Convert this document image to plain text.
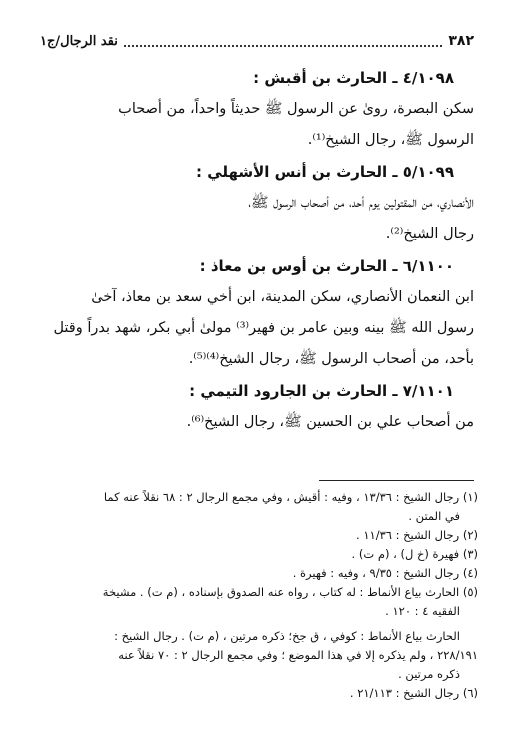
٣٨٢
نقد الرجال/ج١
٤/١٠٩٨ ـ الحارث بن أقبش :

سكن البصرة، روىٰ عن الرسول ﷺ حديثاً واحداً، من أصحاب

الرسول ﷺ، رجال الشيخ⁽¹⁾.

٥/١٠٩٩ ـ الحارث بن أنس الأشهلي :

الأنصاري، من المقتولين يوم أحد، من أصحاب الرسول ﷺ،

رجال الشيخ⁽²⁾.

٦/١١٠٠ ـ الحارث بن أوس بن معاذ :

ابن النعمان الأنصاري، سكن المدينة، ابن أخي سعد بن معاذ، آخىٰ

رسول الله ﷺ بينه وبين عامر بن فهير⁽³⁾ مولىٰ أبي بكر، شهد بدراً وقتل

بأحد، من أصحاب الرسول ﷺ، رجال الشيخ⁽⁴⁾⁽⁵⁾.

٧/١١٠١ ـ الحارث بن الجارود التيمي :

من أصحاب علي بن الحسين ﷺ، رجال الشيخ⁽⁶⁾.

(١) رجال الشيخ : ١٣/٣٦ ، وفيه : أقيش ، وفي مجمع الرجال ٢ : ٦٨ نقلاً عنه كما
في المتن .
(٢) رجال الشيخ : ١١/٣٦ .
(٣) فهيرة (خ ل) ، (م ت) .
(٤) رجال الشيخ : ٩/٣٥ ، وفيه : فهيرة .
(٥) الحارث بياع الأنماط : له كتاب ، رواه عنه الصدوق بإسناده ، (م ت) . مشيخة
الفقيه ٤ : ١٢٠ .
الحارث بياع الأنماط : كوفي ، ق جخ؛ ذكره مرتين ، (م ت) . رجال الشيخ :
٢٢٨/١٩١ ، ولم يذكره إلا في هذا الموضع ؛ وفي مجمع الرجال ٢ : ٧٠ نقلاً عنه
ذكره مرتين .
(٦) رجال الشيخ : ٢١/١١٣ .
